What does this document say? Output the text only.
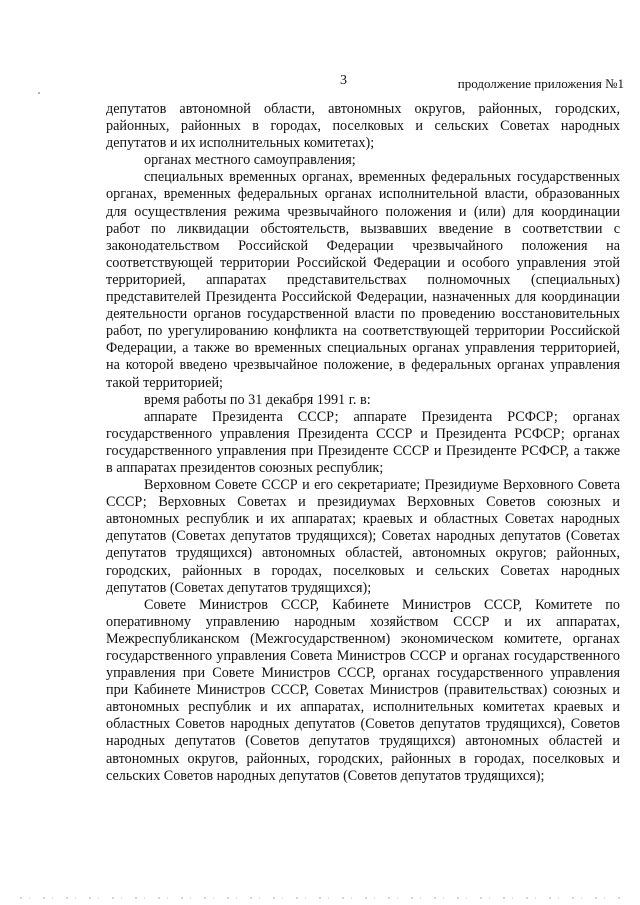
3	продолжение приложения №1

депутатов автономной области, автономных округов, районных, городских, районных, районных в городах, поселковых и сельских Советах народных депутатов и их исполнительных комитетах);

органах местного самоуправления;

специальных временных органах, временных федеральных государственных органах, временных федеральных органах исполнительной власти, образованных для осуществления режима чрезвычайного положения и (или) для координации работ по ликвидации обстоятельств, вызвавших введение в соответствии с законодательством Российской Федерации чрезвычайного положения на соответствующей территории Российской Федерации и особого управления этой территорией, аппаратах представительствах полномочных (специальных) представителей Президента Российской Федерации, назначенных для координации деятельности органов государственной власти по проведению восстановительных работ, по урегулированию конфликта на соответствующей территории Российской Федерации, а также во временных специальных органах управления территорией, на которой введено чрезвычайное положение, в федеральных органах управления такой территорией;

время работы по 31 декабря 1991 г. в:

аппарате Президента СССР; аппарате Президента РСФСР; органах государственного управления Президента СССР и Президента РСФСР; органах государственного управления при Президенте СССР и Президенте РСФСР, а также в аппаратах президентов союзных республик;

Верховном Совете СССР и его секретариате; Президиуме Верховного Совета СССР; Верховных Советах и президиумах Верховных Советов союзных и автономных республик и их аппаратах; краевых и областных Советах народных депутатов (Советах депутатов трудящихся); Советах народных депутатов (Советах депутатов трудящихся) автономных областей, автономных округов; районных, городских, районных в городах, поселковых и сельских Советах народных депутатов (Советах депутатов трудящихся);

Совете Министров СССР, Кабинете Министров СССР, Комитете по оперативному управлению народным хозяйством СССР и их аппаратах, Межреспубликанском (Межгосударственном) экономическом комитете, органах государственного управления Совета Министров СССР и органах государственного управления при Совете Министров СССР, органах государственного управления при Кабинете Министров СССР, Советах Министров (правительствах) союзных и автономных республик и их аппаратах, исполнительных комитетах краевых и областных Советов народных депутатов (Советов депутатов трудящихся), Советов народных депутатов (Советов депутатов трудящихся) автономных областей и автономных округов, районных, городских, районных в городах, поселковых и сельских Советов народных депутатов (Советов депутатов трудящихся);
